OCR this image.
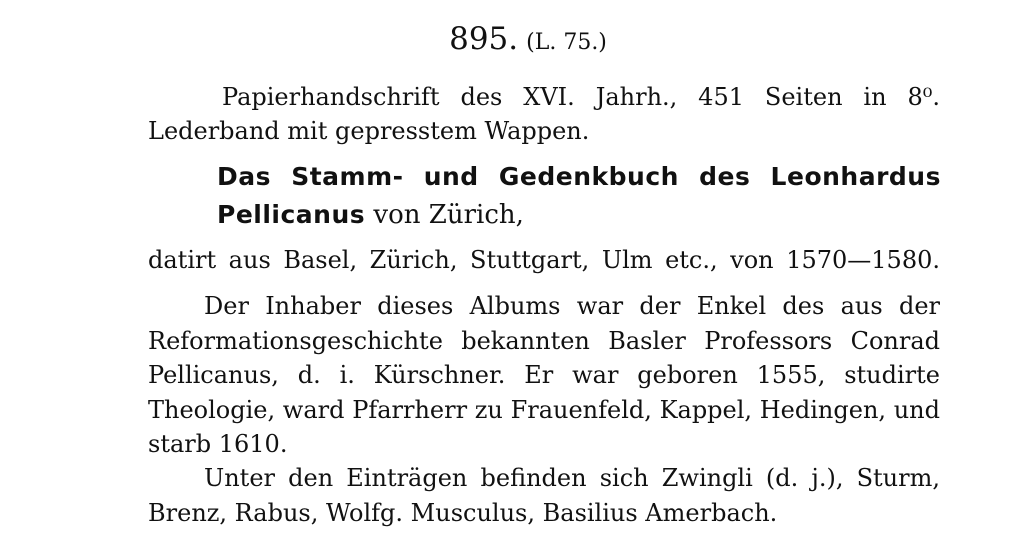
895. (L. 75.)
Papierhandschrift des XVI. Jahrh., 451 Seiten in 8⁰.
Lederband mit gepresstem Wappen.
Das Stamm- und Gedenkbuch des Leonhardus
Pellicanus von Zürich,
datirt aus Basel, Zürich, Stuttgart, Ulm etc., von 1570—1580.
Der Inhaber dieses Albums war der Enkel des aus der Reformationsgeschichte bekannten Basler Professors Conrad Pellicanus, d. i. Kürschner. Er war geboren 1555, studirte Theologie, ward Pfarrherr zu Frauenfeld, Kappel, Hedingen, und starb 1610.
Unter den Einträgen befinden sich Zwingli (d. j.), Sturm, Brenz, Rabus, Wolfg. Musculus, Basilius Amerbach.
